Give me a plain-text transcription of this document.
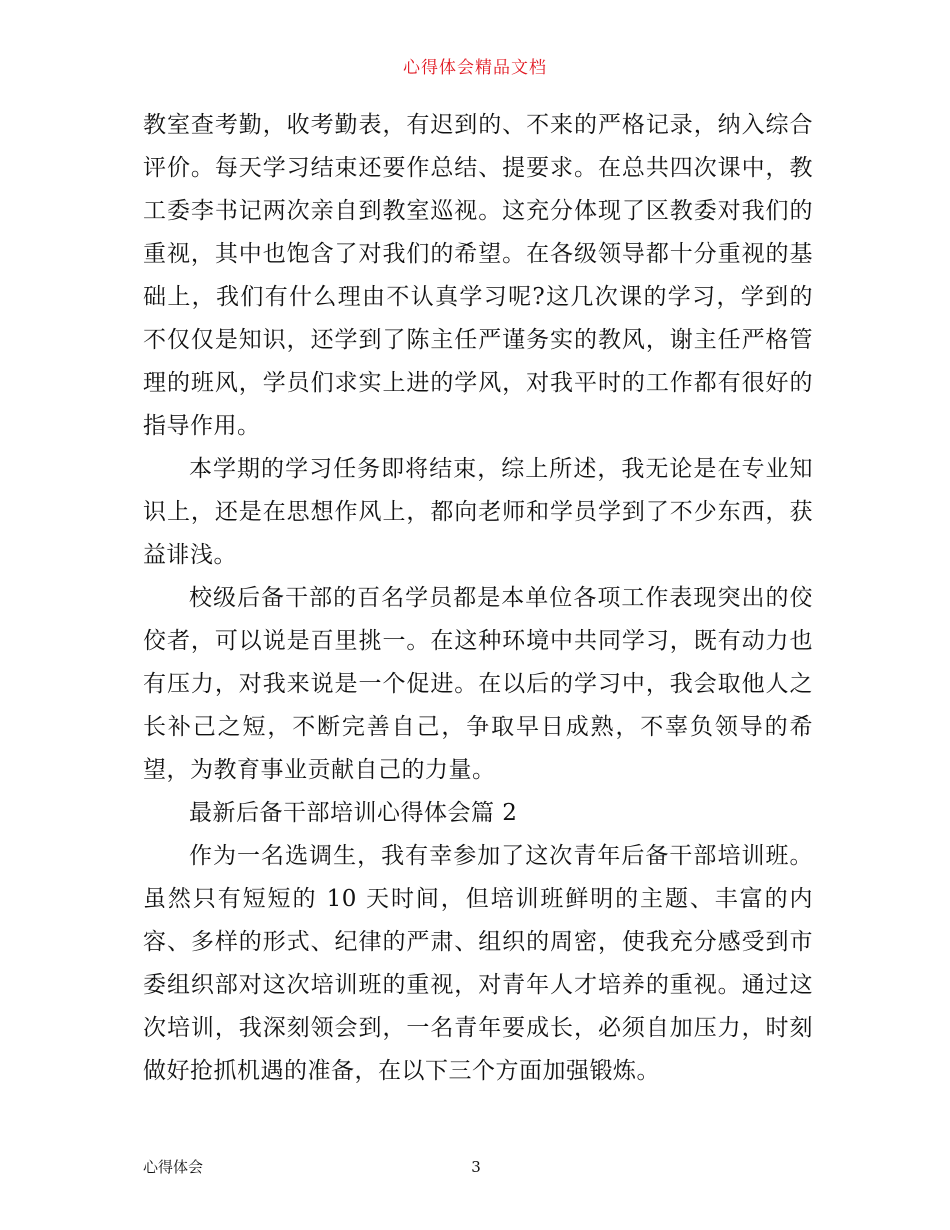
心得体会精品文档

教室查考勤，收考勤表，有迟到的、不来的严格记录，纳入综合评价。每天学习结束还要作总结、提要求。在总共四次课中，教工委李书记两次亲自到教室巡视。这充分体现了区教委对我们的重视，其中也饱含了对我们的希望。在各级领导都十分重视的基础上，我们有什么理由不认真学习呢?这几次课的学习，学到的不仅仅是知识，还学到了陈主任严谨务实的教风，谢主任严格管理的班风，学员们求实上进的学风，对我平时的工作都有很好的指导作用。

本学期的学习任务即将结束，综上所述，我无论是在专业知识上，还是在思想作风上，都向老师和学员学到了不少东西，获益诽浅。

校级后备干部的百名学员都是本单位各项工作表现突出的佼佼者，可以说是百里挑一。在这种环境中共同学习，既有动力也有压力，对我来说是一个促进。在以后的学习中，我会取他人之长补己之短，不断完善自己，争取早日成熟，不辜负领导的希望，为教育事业贡献自己的力量。

最新后备干部培训心得体会篇 2

作为一名选调生，我有幸参加了这次青年后备干部培训班。虽然只有短短的 10 天时间，但培训班鲜明的主题、丰富的内容、多样的形式、纪律的严肃、组织的周密，使我充分感受到市委组织部对这次培训班的重视，对青年人才培养的重视。通过这次培训，我深刻领会到，一名青年要成长，必须自加压力，时刻做好抢抓机遇的准备，在以下三个方面加强锻炼。

心得体会	3
